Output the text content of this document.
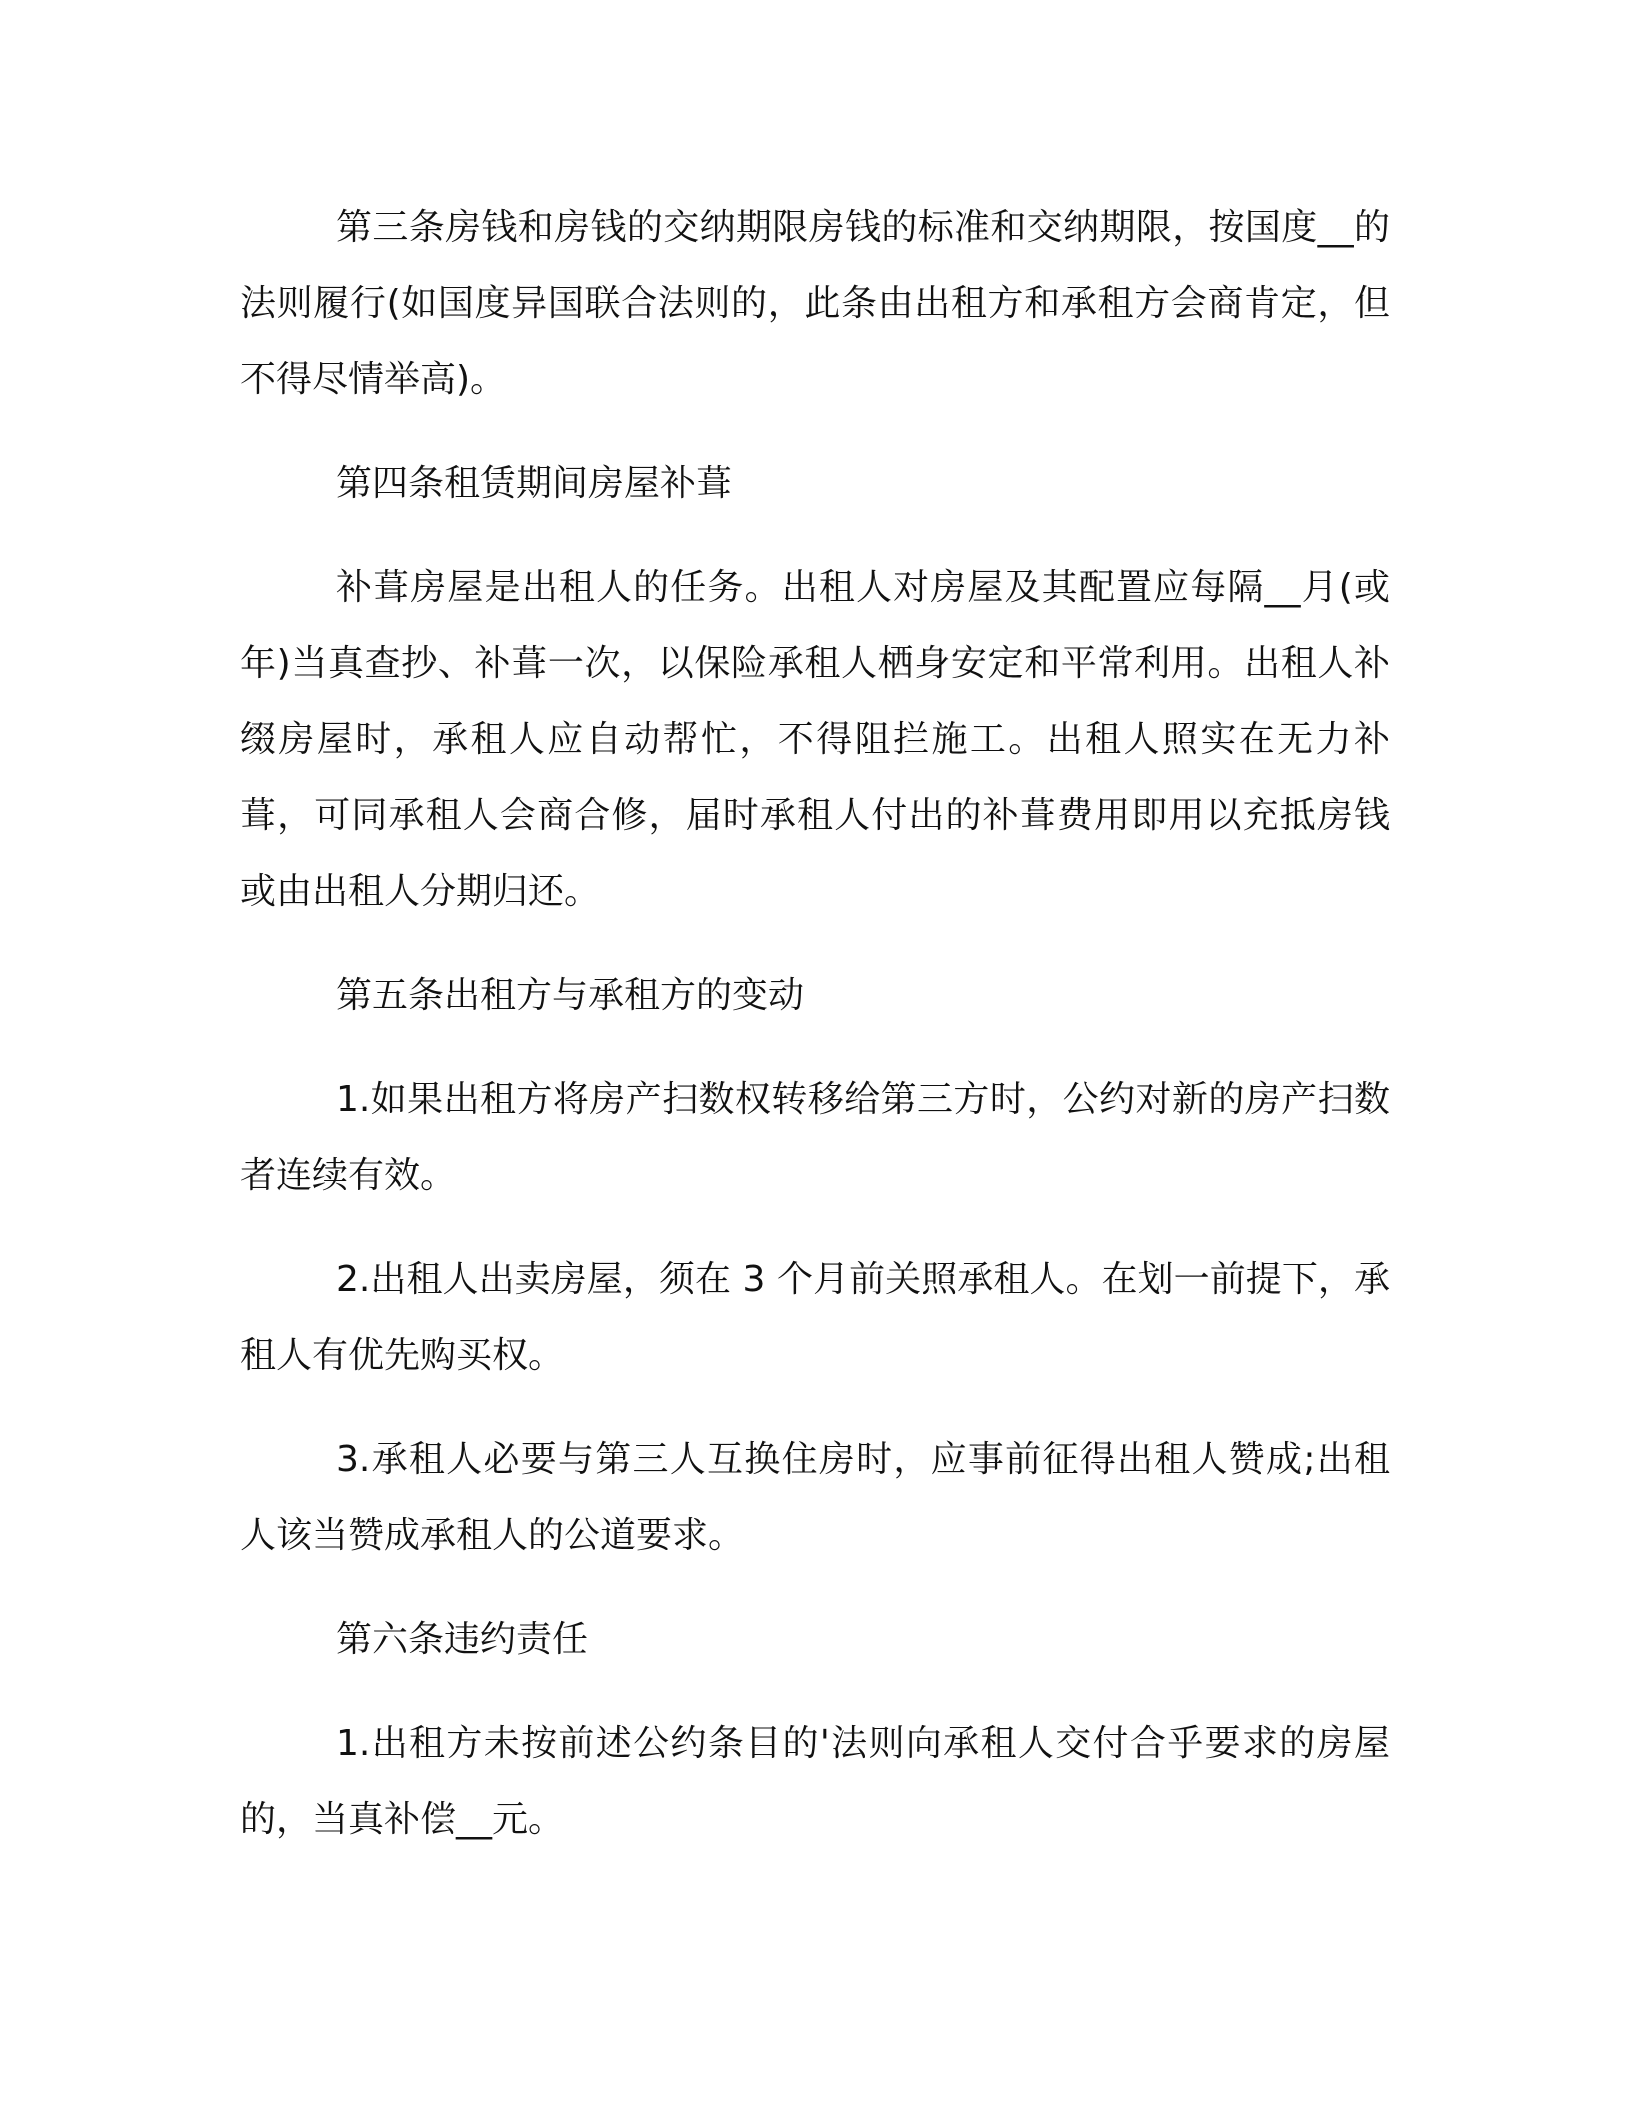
第三条房钱和房钱的交纳期限房钱的标准和交纳期限，按国度__的法则履行(如国度异国联合法则的，此条由出租方和承租方会商肯定，但不得尽情举高)。

第四条租赁期间房屋补葺

补葺房屋是出租人的任务。出租人对房屋及其配置应每隔__月(或年)当真查抄、补葺一次，以保险承租人栖身安定和平常利用。出租人补缀房屋时，承租人应自动帮忙，不得阻拦施工。出租人照实在无力补葺，可同承租人会商合修，届时承租人付出的补葺费用即用以充抵房钱或由出租人分期归还。

第五条出租方与承租方的变动

1.如果出租方将房产扫数权转移给第三方时，公约对新的房产扫数者连续有效。

2.出租人出卖房屋，须在 3 个月前关照承租人。在划一前提下，承租人有优先购买权。

3.承租人必要与第三人互换住房时，应事前征得出租人赞成;出租人该当赞成承租人的公道要求。

第六条违约责任

1.出租方未按前述公约条目的'法则向承租人交付合乎要求的房屋的，当真补偿__元。
